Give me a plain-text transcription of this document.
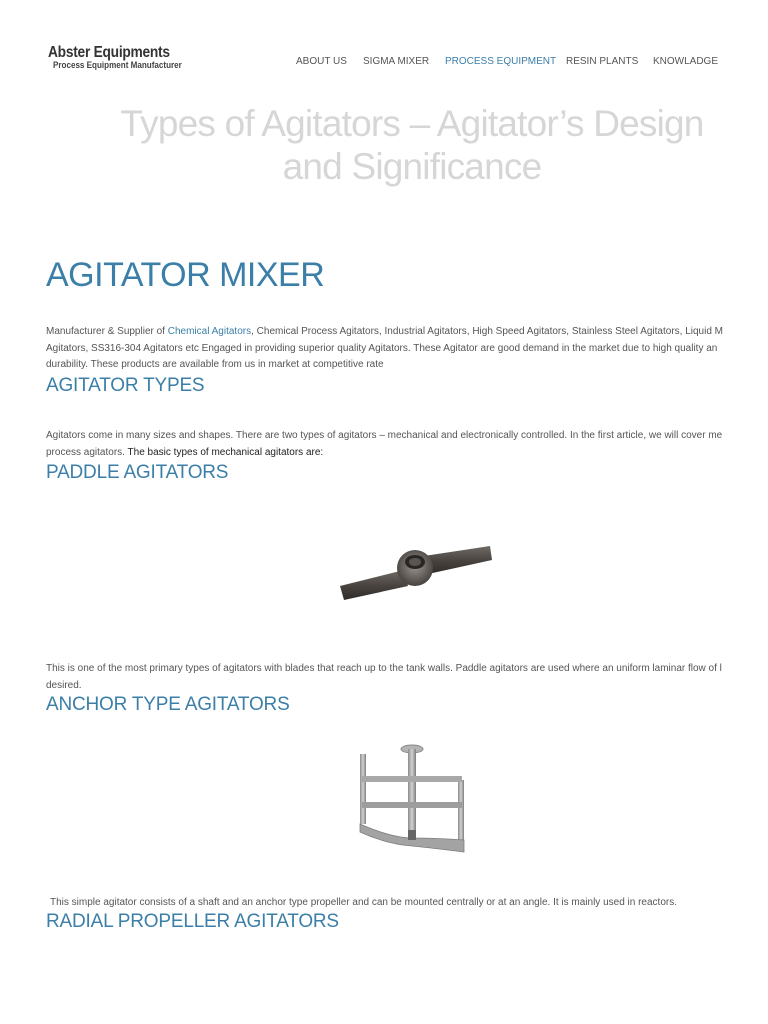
Abster Equipments
Process Equipment Manufacturer	ABOUT US SIGMA MIXER PROCESS EQUIPMENT RESIN PLANTS KNOWLADGE
Types of Agitators – Agitator’s Design and Significance
AGITATOR MIXER
Manufacturer & Supplier of Chemical Agitators, Chemical Process Agitators, Industrial Agitators, High Speed Agitators, Stainless Steel Agitators, Liquid M
Agitators, SS316-304 Agitators etc Engaged in providing superior quality Agitators. These Agitator are good demand in the market due to high quality an
durability. These products are available from us in market at competitive rate
AGITATOR TYPES
Agitators come in many sizes and shapes. There are two types of agitators – mechanical and electronically controlled. In the first article, we will cover me
process agitators. The basic types of mechanical agitators are:
PADDLE AGITATORS
This is one of the most primary types of agitators with blades that reach up to the tank walls. Paddle agitators are used where an uniform laminar flow of l
desired.
ANCHOR TYPE AGITATORS
This simple agitator consists of a shaft and an anchor type propeller and can be mounted centrally or at an angle. It is mainly used in reactors.
RADIAL PROPELLER AGITATORS
